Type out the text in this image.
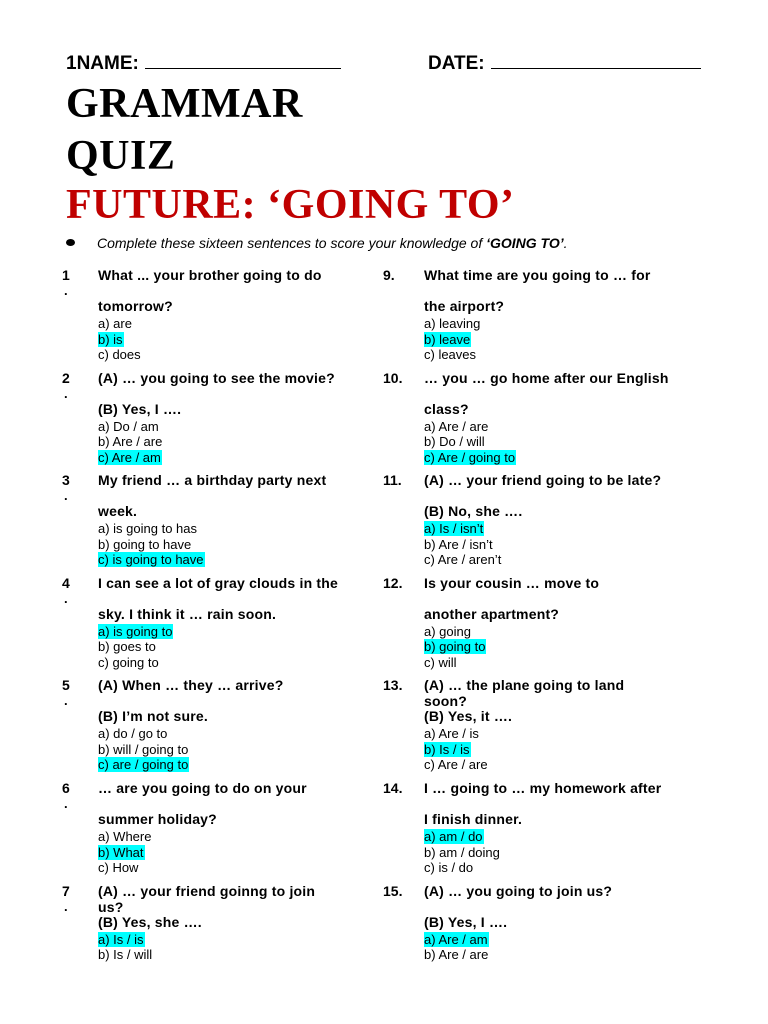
1NAME:	DATE:
GRAMMAR
QUIZ
FUTURE: ‘GOING TO’
Complete these sixteen sentences to score your knowledge of ‘GOING TO’.
1
.
What ... your brother going to do
tomorrow?
a) are
b) is
c) does
2
.
(A) … you going to see the movie?
(B) Yes, I ….
a) Do / am
b) Are / are
c) Are / am
3
.
My friend … a birthday party next
week.
a) is going to has
b) going to have
c) is going to have
4
.
I can see a lot of gray clouds in the
sky. I think it … rain soon.
a) is going to
b) goes to
c) going to
5
.
(A) When … they … arrive?
(B) I’m not sure.
a) do / go to
b) will / going to
c) are / going to
6
.
… are you going to do on your
summer holiday?
a) Where
b) What
c) How
7
.
(A) … your friend goinng to join
us?
(B) Yes, she ….
a) Is / is
b) Is / will
9.	What time are you going to … for
the airport?
a) leaving
b) leave
c) leaves
10.	… you … go home after our English
class?
a) Are / are
b) Do / will
c) Are / going to
11.	(A) … your friend going to be late?
(B) No, she ….
a) Is / isn’t
b) Are / isn’t
c) Are / aren’t
12.	Is your cousin … move to
another apartment?
a) going
b) going to
c) will
13.	(A) … the plane going to land
soon?
(B) Yes, it ….
a) Are / is
b) Is / is
c) Are / are
14.	I … going to … my homework after
I finish dinner.
a) am / do
b) am / doing
c) is / do
15.	(A) … you going to join us?
(B) Yes, I ….
a) Are / am
b) Are / are
